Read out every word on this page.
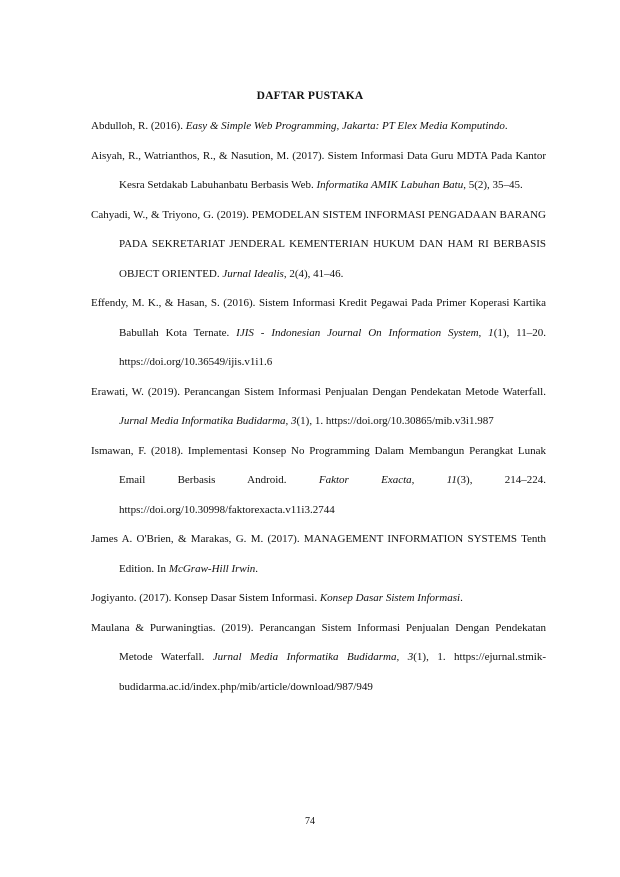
DAFTAR PUSTAKA
Abdulloh, R. (2016). Easy & Simple Web Programming, Jakarta: PT Elex Media Komputindo.
Aisyah, R., Watrianthos, R., & Nasution, M. (2017). Sistem Informasi Data Guru MDTA Pada Kantor Kesra Setdakab Labuhanbatu Berbasis Web. Informatika AMIK Labuhan Batu, 5(2), 35–45.
Cahyadi, W., & Triyono, G. (2019). PEMODELAN SISTEM INFORMASI PENGADAAN BARANG PADA SEKRETARIAT JENDERAL KEMENTERIAN HUKUM DAN HAM RI BERBASIS OBJECT ORIENTED. Jurnal Idealis, 2(4), 41–46.
Effendy, M. K., & Hasan, S. (2016). Sistem Informasi Kredit Pegawai Pada Primer Koperasi Kartika Babullah Kota Ternate. IJIS - Indonesian Journal On Information System, 1(1), 11–20. https://doi.org/10.36549/ijis.v1i1.6
Erawati, W. (2019). Perancangan Sistem Informasi Penjualan Dengan Pendekatan Metode Waterfall. Jurnal Media Informatika Budidarma, 3(1), 1. https://doi.org/10.30865/mib.v3i1.987
Ismawan, F. (2018). Implementasi Konsep No Programming Dalam Membangun Perangkat Lunak Email Berbasis Android. Faktor Exacta, 11(3), 214–224. https://doi.org/10.30998/faktorexacta.v11i3.2744
James A. O'Brien, & Marakas, G. M. (2017). MANAGEMENT INFORMATION SYSTEMS Tenth Edition. In McGraw-Hill Irwin.
Jogiyanto. (2017). Konsep Dasar Sistem Informasi. Konsep Dasar Sistem Informasi.
Maulana & Purwaningtias. (2019). Perancangan Sistem Informasi Penjualan Dengan Pendekatan Metode Waterfall. Jurnal Media Informatika Budidarma, 3(1), 1. https://ejurnal.stmik-budidarma.ac.id/index.php/mib/article/download/987/949
74
